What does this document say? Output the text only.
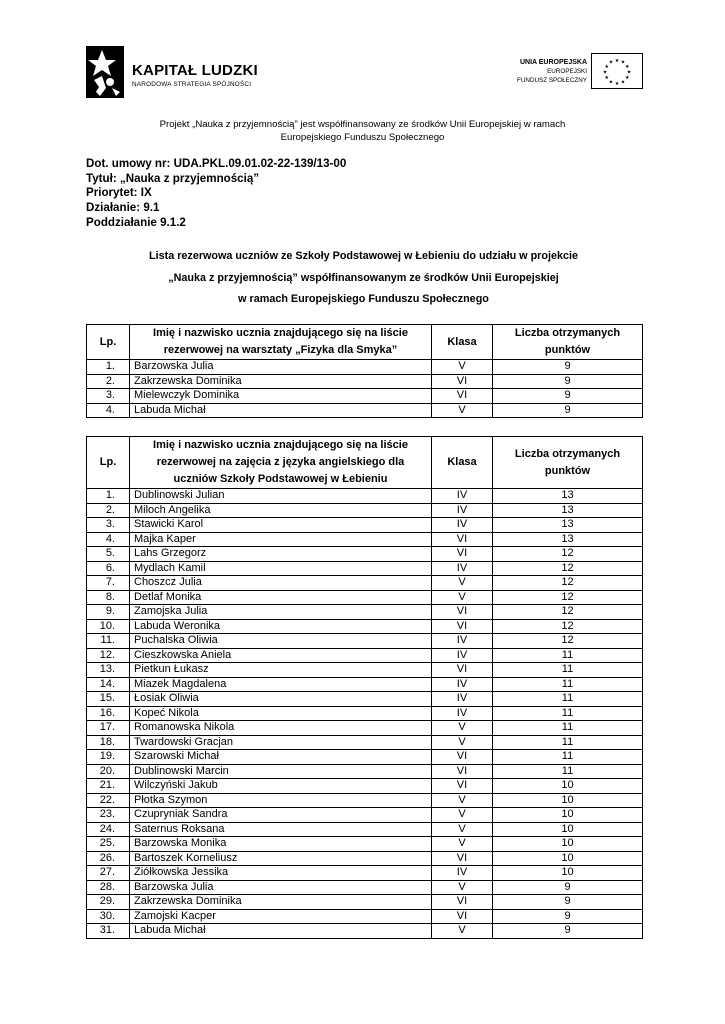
KAPITAŁ LUDZKI
NARODOWA STRATEGIA SPÓJNOŚCI
UNIA EUROPEJSKA
EUROPEJSKI
FUNDUSZ SPOŁECZNY
★ ★
★
★
★
★
★
★
★
★
★
★
Projekt „Nauka z przyjemnością” jest współfinansowany ze środków Unii Europejskiej w ramach
Europejskiego Funduszu Społecznego
Dot. umowy nr: UDA.PKL.09.01.02-22-139/13-00
Tytuł: „Nauka z przyjemnością”
Priorytet: IX
Działanie: 9.1
Poddziałanie 9.1.2
Lista rezerwowa uczniów ze Szkoły Podstawowej w Łebieniu do udziału w projekcie
„Nauka z przyjemnością” współfinansowanym ze środków Unii Europejskiej
w ramach Europejskiego Funduszu Społecznego
Lp.	Imię i nazwisko ucznia znajdującego się na liście rezerwowej na warsztaty „Fizyka dla Smyka”	Klasa	Liczba otrzymanych punktów
1.	Barzowska Julia	V	9
2.	Zakrzewska Dominika	VI	9
3.	Mielewczyk Dominika	VI	9
4.	Labuda Michał	V	9
Lp.	Imię i nazwisko ucznia znajdującego się na liście rezerwowej na zajęcia z języka angielskiego dla uczniów Szkoły Podstawowej w Łebieniu	Klasa	Liczba otrzymanych punktów
1.	Dublinowski Julian	IV	13
2.	Miloch Angelika	IV	13
3.	Stawicki Karol	IV	13
4.	Majka Kaper	VI	13
5.	Lahs Grzegorz	VI	12
6.	Mydlach Kamil	IV	12
7.	Choszcz Julia	V	12
8.	Detlaf Monika	V	12
9.	Zamojska Julia	VI	12
10.	Labuda Weronika	VI	12
11.	Puchalska Oliwia	IV	12
12.	Cieszkowska Aniela	IV	11
13.	Pietkun Łukasz	VI	11
14.	Miazek Magdalena	IV	11
15.	Łosiak Oliwia	IV	11
16.	Kopeć Nikola	IV	11
17.	Romanowska Nikola	V	11
18.	Twardowski Gracjan	V	11
19.	Szarowski Michał	VI	11
20.	Dublinowski Marcin	VI	11
21.	Wilczyński Jakub	VI	10
22.	Płotka Szymon	V	10
23.	Czupryniak Sandra	V	10
24.	Saternus Roksana	V	10
25.	Barzowska Monika	V	10
26.	Bartoszek Korneliusz	VI	10
27.	Ziółkowska Jessika	IV	10
28.	Barzowska Julia	V	9
29.	Zakrzewska Dominika	VI	9
30.	Zamojski Kacper	VI	9
31.	Labuda Michał	V	9
